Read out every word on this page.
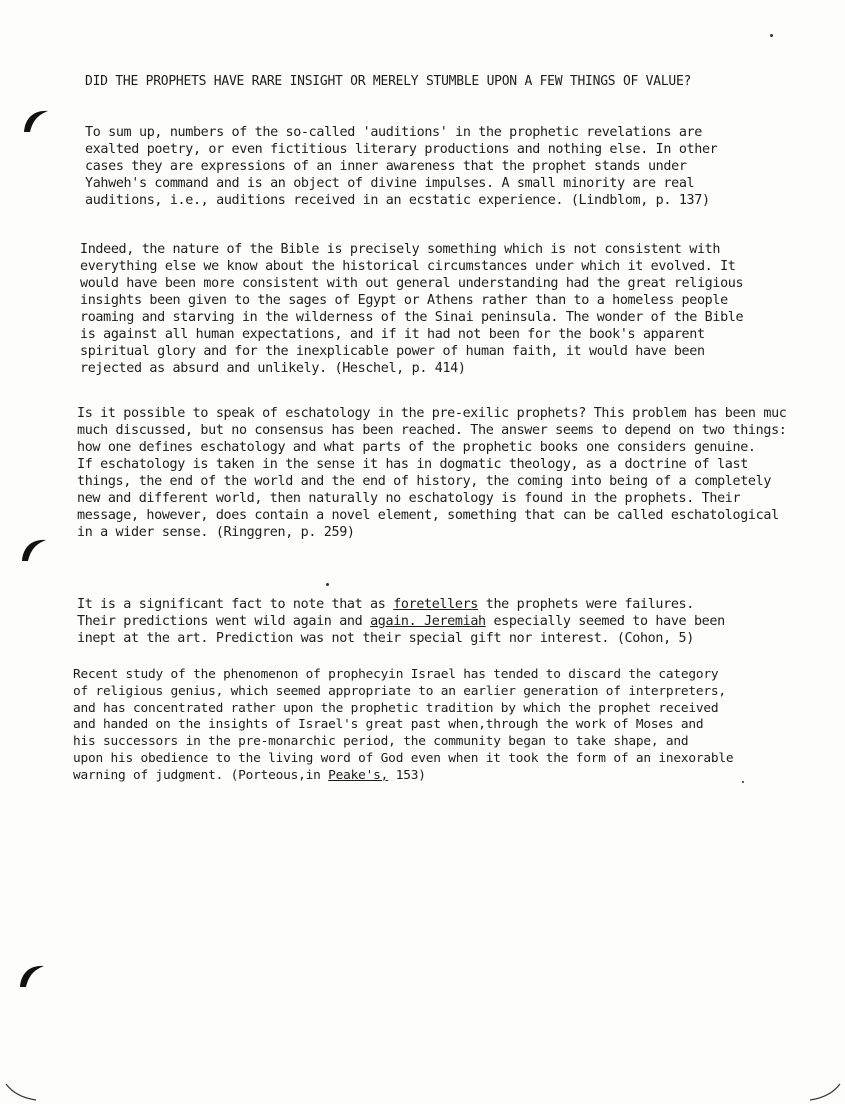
DID THE PROPHETS HAVE RARE INSIGHT OR MERELY STUMBLE UPON A FEW THINGS OF VALUE?
To sum up, numbers of the so-called 'auditions' in the prophetic revelations are
exalted poetry, or even fictitious literary productions and nothing else. In other
cases they are expressions of an inner awareness that the prophet stands under
Yahweh's command and is an object of divine impulses. A small minority are real
auditions, i.e., auditions received in an ecstatic experience. (Lindblom, p. 137)
Indeed, the nature of the Bible is precisely something which is not consistent with
everything else we know about the historical circumstances under which it evolved. It
would have been more consistent with out general understanding had the great religious
insights been given to the sages of Egypt or Athens rather than to a homeless people
roaming and starving in the wilderness of the Sinai peninsula. The wonder of the Bible
is against all human expectations, and if it had not been for the book's apparent
spiritual glory and for the inexplicable power of human faith, it would have been
rejected as absurd and unlikely. (Heschel, p. 414)
Is it possible to speak of eschatology in the pre-exilic prophets? This problem has been muc
much discussed, but no consensus has been reached. The answer seems to depend on two things:
how one defines eschatology and what parts of the prophetic books one considers genuine.
If eschatology is taken in the sense it has in dogmatic theology, as a doctrine of last
things, the end of the world and the end of history, the coming into being of a completely
new and different world, then naturally no eschatology is found in the prophets. Their
message, however, does contain a novel element, something that can be called eschatological
in a wider sense. (Ringgren, p. 259)
It is a significant fact to note that as foretellers the prophets were failures.
Their predictions went wild again and again. Jeremiah especially seemed to have been
inept at the art. Prediction was not their special gift nor interest. (Cohon, 5)
Recent study of the phenomenon of prophecyin Israel has tended to discard the category
of religious genius, which seemed appropriate to an earlier generation of interpreters,
and has concentrated rather upon the prophetic tradition by which the prophet received
and handed on the insights of Israel's great past when,through the work of Moses and
his successors in the pre-monarchic period, the community began to take shape, and
upon his obedience to the living word of God even when it took the form of an inexorable
warning of judgment. (Porteous,in Peake's, 153)
